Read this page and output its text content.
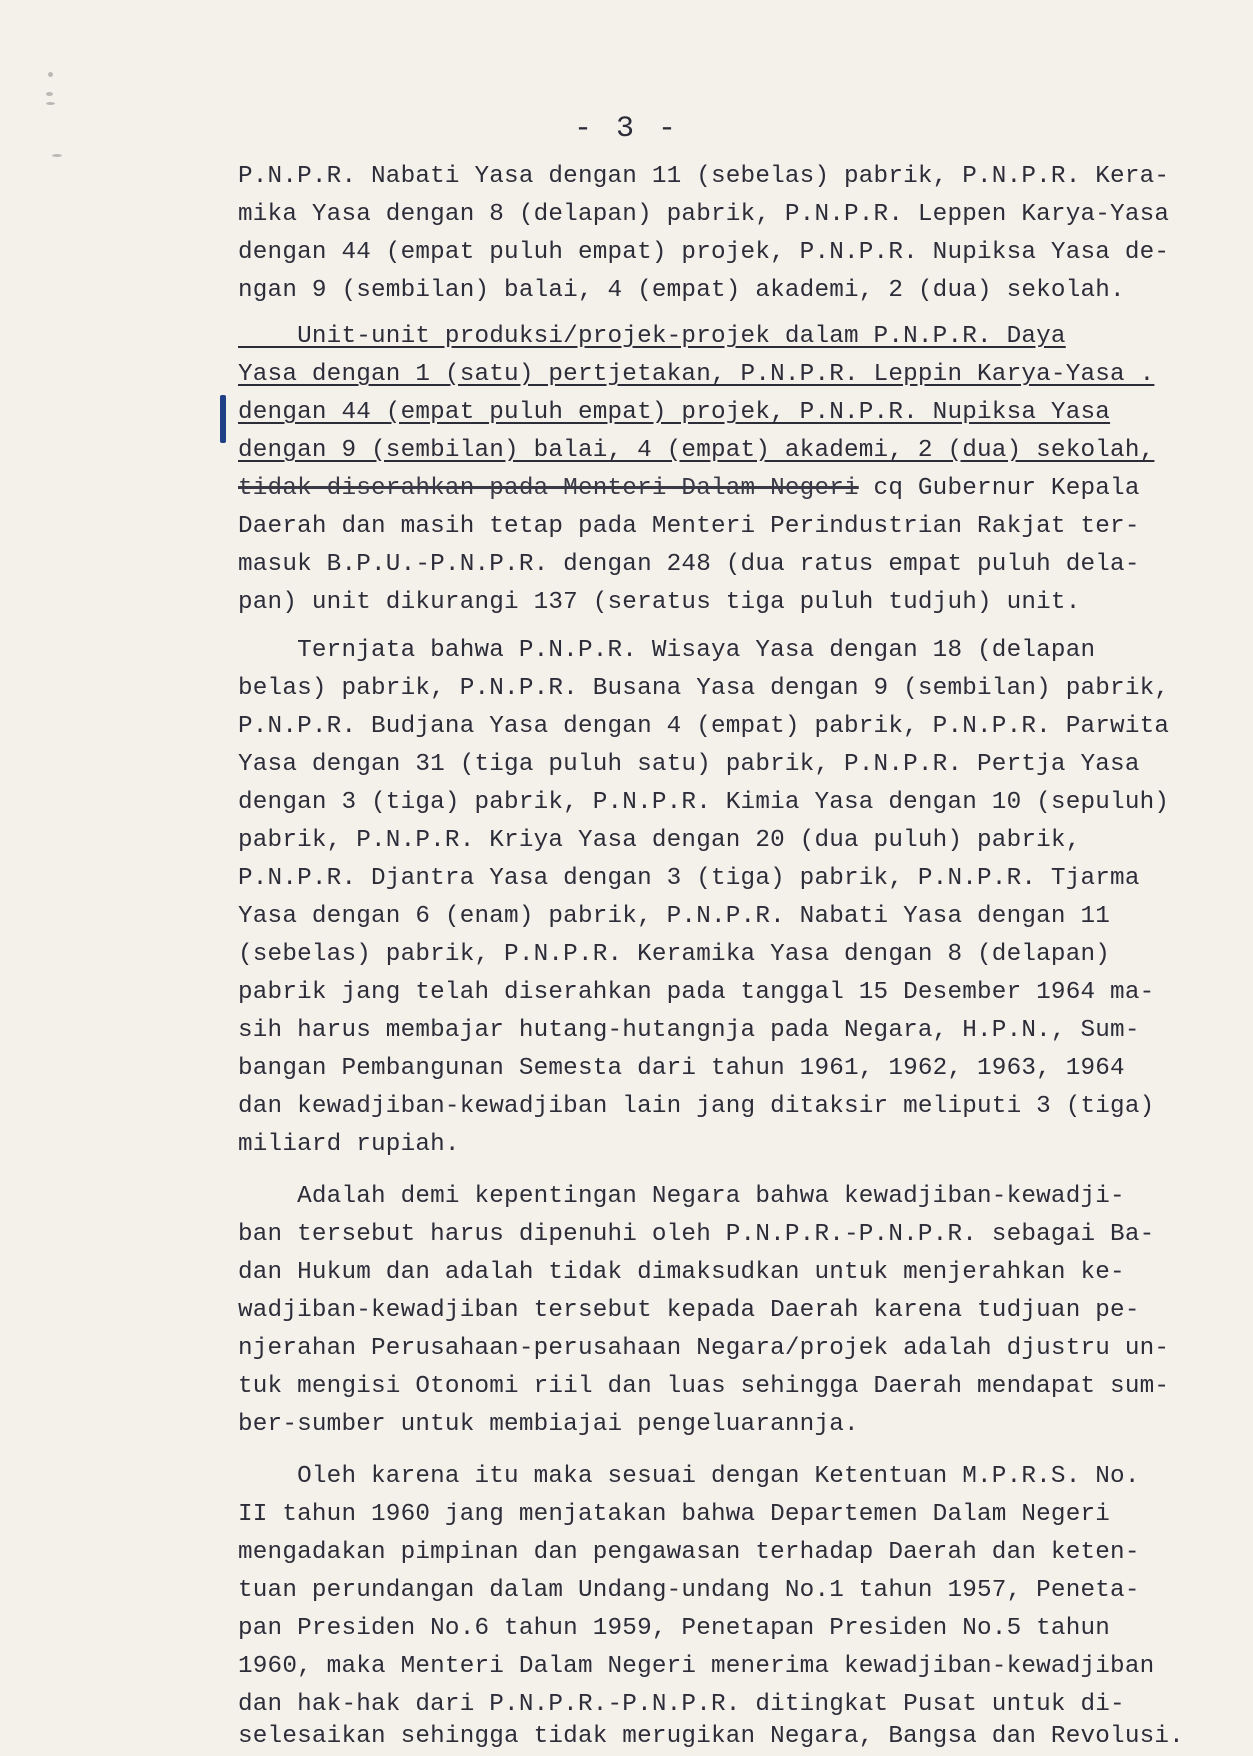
- 3 -
P.N.P.R. Nabati Yasa dengan 11 (sebelas) pabrik, P.N.P.R. Kera-
mika Yasa dengan 8 (delapan) pabrik, P.N.P.R. Leppen Karya-Yasa
dengan 44 (empat puluh empat) projek, P.N.P.R. Nupiksa Yasa de-
ngan 9 (sembilan) balai, 4 (empat) akademi, 2 (dua) sekolah.
Unit-unit produksi/projek-projek dalam P.N.P.R. Daya
Yasa dengan 1 (satu) pertjetakan, P.N.P.R. Leppin Karya-Yasa .
dengan 44 (empat puluh empat) projek, P.N.P.R. Nupiksa Yasa
dengan 9 (sembilan) balai, 4 (empat) akademi, 2 (dua) sekolah,
tidak diserahkan pada Menteri Dalam Negeri cq Gubernur Kepala
Daerah dan masih tetap pada Menteri Perindustrian Rakjat ter-
masuk B.P.U.-P.N.P.R. dengan 248 (dua ratus empat puluh dela-
pan) unit dikurangi 137 (seratus tiga puluh tudjuh) unit.
Ternjata bahwa P.N.P.R. Wisaya Yasa dengan 18 (delapan
belas) pabrik, P.N.P.R. Busana Yasa dengan 9 (sembilan) pabrik,
P.N.P.R. Budjana Yasa dengan 4 (empat) pabrik, P.N.P.R. Parwita
Yasa dengan 31 (tiga puluh satu) pabrik, P.N.P.R. Pertja Yasa
dengan 3 (tiga) pabrik, P.N.P.R. Kimia Yasa dengan 10 (sepuluh)
pabrik, P.N.P.R. Kriya Yasa dengan 20 (dua puluh) pabrik,
P.N.P.R. Djantra Yasa dengan 3 (tiga) pabrik, P.N.P.R. Tjarma
Yasa dengan 6 (enam) pabrik, P.N.P.R. Nabati Yasa dengan 11
(sebelas) pabrik, P.N.P.R. Keramika Yasa dengan 8 (delapan)
pabrik jang telah diserahkan pada tanggal 15 Desember 1964 ma-
sih harus membajar hutang-hutangnja pada Negara, H.P.N., Sum-
bangan Pembangunan Semesta dari tahun 1961, 1962, 1963, 1964
dan kewadjiban-kewadjiban lain jang ditaksir meliputi 3 (tiga)
miliard rupiah.
Adalah demi kepentingan Negara bahwa kewadjiban-kewadji-
ban tersebut harus dipenuhi oleh P.N.P.R.-P.N.P.R. sebagai Ba-
dan Hukum dan adalah tidak dimaksudkan untuk menjerahkan ke-
wadjiban-kewadjiban tersebut kepada Daerah karena tudjuan pe-
njerahan Perusahaan-perusahaan Negara/projek adalah djustru un-
tuk mengisi Otonomi riil dan luas sehingga Daerah mendapat sum-
ber-sumber untuk membiajai pengeluarannja.
Oleh karena itu maka sesuai dengan Ketentuan M.P.R.S. No.
II tahun 1960 jang menjatakan bahwa Departemen Dalam Negeri
mengadakan pimpinan dan pengawasan terhadap Daerah dan keten-
tuan perundangan dalam Undang-undang No.1 tahun 1957, Peneta-
pan Presiden No.6 tahun 1959, Penetapan Presiden No.5 tahun
1960, maka Menteri Dalam Negeri menerima kewadjiban-kewadjiban
dan hak-hak dari P.N.P.R.-P.N.P.R. ditingkat Pusat untuk di-
selesaikan sehingga tidak merugikan Negara, Bangsa dan Revolusi.
